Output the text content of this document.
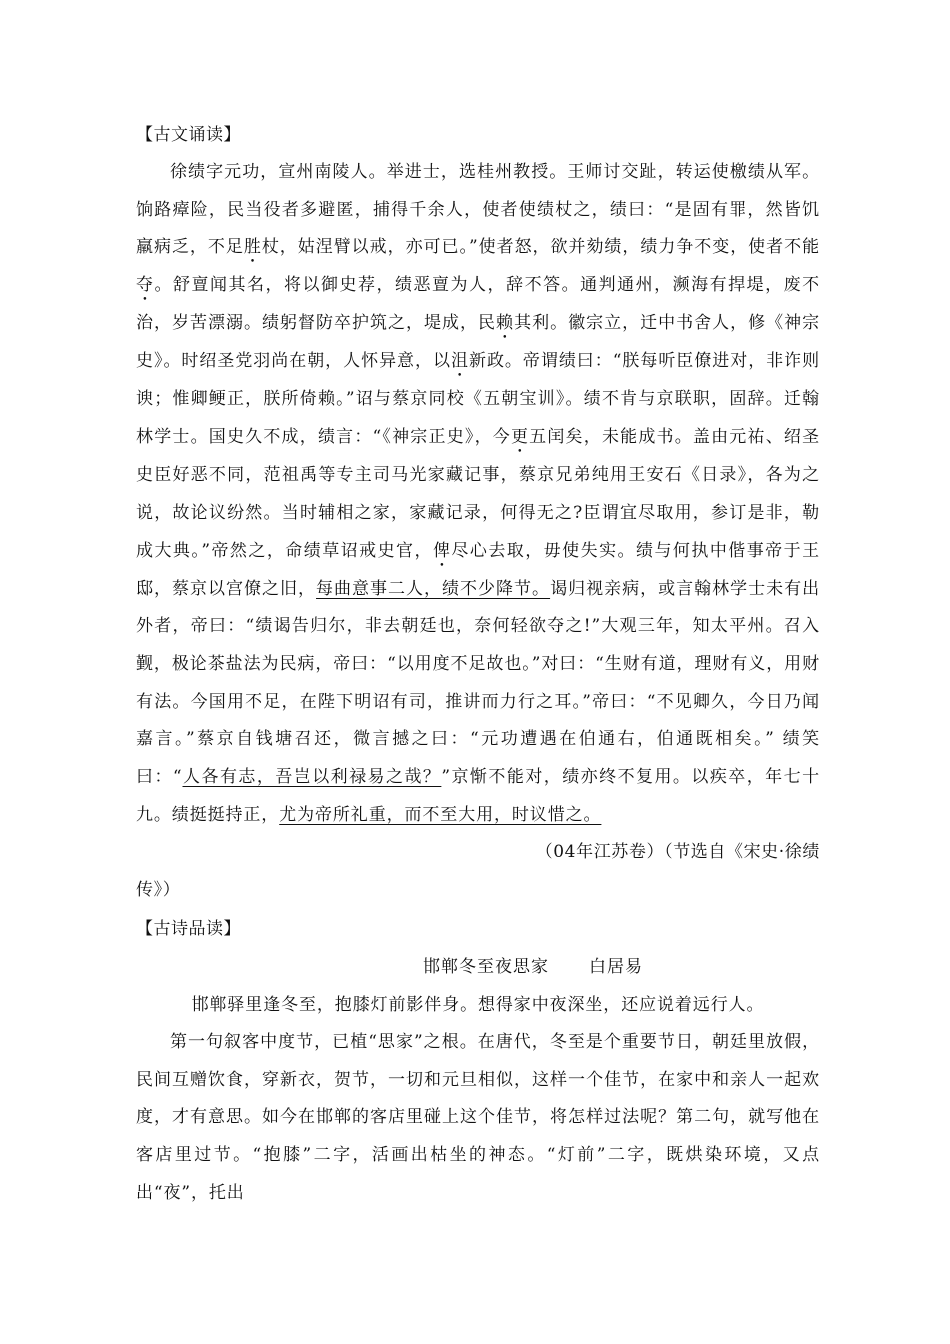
【古文诵读】
徐绩字元功，宣州南陵人。举进士，选桂州教授。王师讨交趾，转运使檄绩从军。饷路瘴险，民当役者多避匿，捕得千余人，使者使绩杖之，绩曰：“是固有罪，然皆饥羸病乏，不足胜杖，姑涅臂以戒，亦可已。”使者怒，欲并劾绩，绩力争不变，使者不能夺。舒亶闻其名，将以御史荐，绩恶亶为人，辞不答。通判通州，濒海有捍堤，废不治，岁苦漂溺。绩躬督防卒护筑之，堤成，民赖其利。徽宗立，迁中书舍人，修《神宗史》。时绍圣党羽尚在朝，人怀异意，以沮新政。帝谓绩曰：“朕每听臣僚进对，非诈则谀；惟卿鲠正，朕所倚赖。”诏与蔡京同校《五朝宝训》。绩不肯与京联职，固辞。迁翰林学士。国史久不成，绩言：“《神宗正史》，今更五闰矣，未能成书。盖由元祐、绍圣史臣好恶不同，范祖禹等专主司马光家藏记事，蔡京兄弟纯用王安石《日录》，各为之说，故论议纷然。当时辅相之家，家藏记录，何得无之?臣谓宜尽取用，参订是非，勒成大典。”帝然之，命绩草诏戒史官，俾尽心去取，毋使失实。绩与何执中偕事帝于王邸，蔡京以宫僚之旧，每曲意事二人，绩不少降节。谒归视亲病，或言翰林学士未有出外者，帝曰：“绩谒告归尔，非去朝廷也，奈何轻欲夺之!”大观三年，知太平州。召入觐，极论茶盐法为民病，帝曰：“以用度不足故也。”对曰：“生财有道，理财有义，用财有法。今国用不足，在陛下明诏有司，推讲而力行之耳。”帝曰：“不见卿久，今日乃闻嘉言。”蔡京自钱塘召还，微言撼之曰：“元功遭遇在伯通右，伯通既相矣。” 绩笑曰：“人各有志，吾岂以利禄易之哉？”京惭不能对，绩亦终不复用。以疾卒，年七十九。绩挺挺持正，尤为帝所礼重，而不至大用，时议惜之。
（04年江苏卷）（节选自《宋史·徐绩
传》）
【古诗品读】
邯郸冬至夜思家 白居易
邯郸驿里逢冬至，抱膝灯前影伴身。想得家中夜深坐，还应说着远行人。

第一句叙客中度节，已植“思家”之根。在唐代，冬至是个重要节日，朝廷里放假，民间互赠饮食，穿新衣，贺节，一切和元旦相似，这样一个佳节，在家中和亲人一起欢度，才有意思。如今在邯郸的客店里碰上这个佳节，将怎样过法呢？第二句，就写他在客店里过节。“抱膝”二字，活画出枯坐的神态。“灯前”二字，既烘染环境，又点出“夜”，托出
